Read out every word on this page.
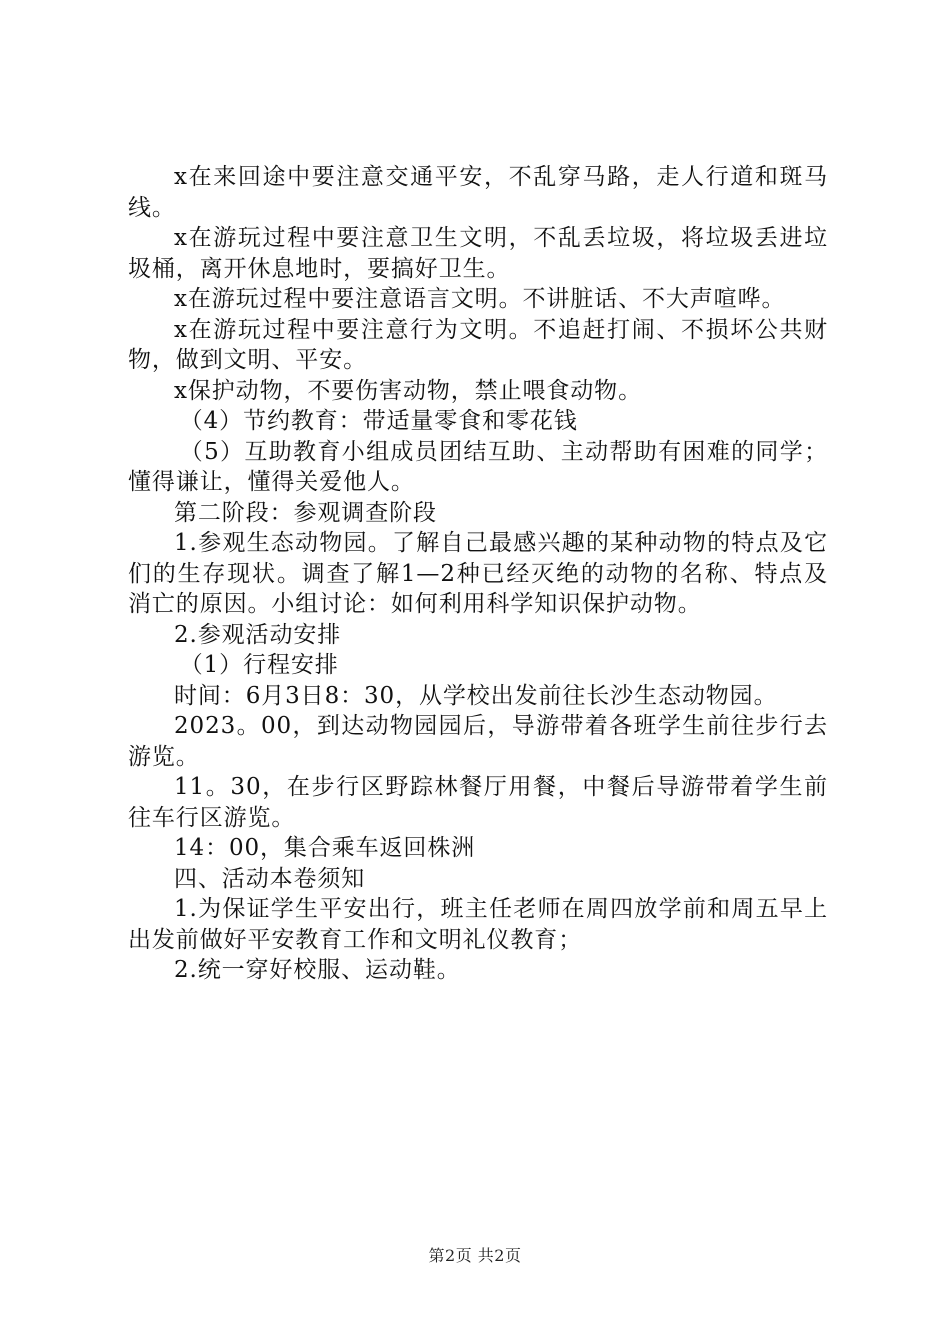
x在来回途中要注意交通平安，不乱穿马路，走人行道和斑马线。

x在游玩过程中要注意卫生文明，不乱丢垃圾，将垃圾丢进垃圾桶，离开休息地时，要搞好卫生。

x在游玩过程中要注意语言文明。不讲脏话、不大声喧哗。

x在游玩过程中要注意行为文明。不追赶打闹、不损坏公共财物，做到文明、平安。

x保护动物，不要伤害动物，禁止喂食动物。

（4）节约教育：带适量零食和零花钱

（5）互助教育小组成员团结互助、主动帮助有困难的同学；懂得谦让，懂得关爱他人。

第二阶段：参观调查阶段

1.参观生态动物园。了解自己最感兴趣的某种动物的特点及它们的生存现状。调查了解1—2种已经灭绝的动物的名称、特点及消亡的原因。小组讨论：如何利用科学知识保护动物。

2.参观活动安排

（1）行程安排

时间：6月3日8：30，从学校出发前往长沙生态动物园。

2023。00，到达动物园园后，导游带着各班学生前往步行去游览。

11。30，在步行区野踪林餐厅用餐，中餐后导游带着学生前往车行区游览。

14：00，集合乘车返回株洲

四、活动本卷须知

1.为保证学生平安出行，班主任老师在周四放学前和周五早上出发前做好平安教育工作和文明礼仪教育；

2.统一穿好校服、运动鞋。

第2页 共2页
